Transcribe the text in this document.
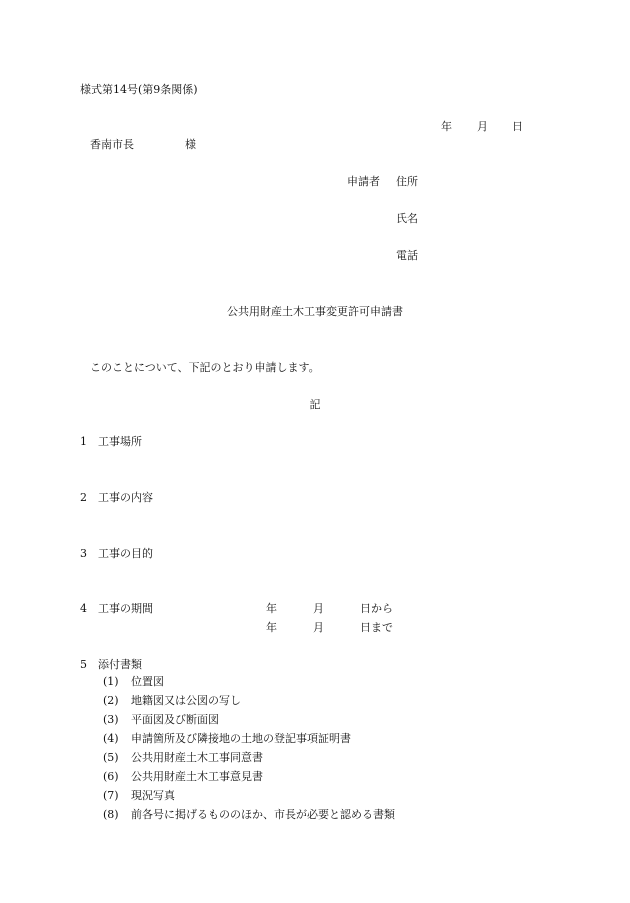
様式第14号(第9条関係)
年 月 日
香南市長	様
申請者 住所
氏名
電話
公共用財産土木工事変更許可申請書
このことについて、下記のとおり申請します。
記
1 工事場所
2 工事の内容
3 工事の目的
4 工事の期間	年	月	日から
年	月	日まで
5 添付書類
(1) 位置図
(2) 地籍図又は公図の写し
(3) 平面図及び断面図
(4) 申請箇所及び隣接地の土地の登記事項証明書
(5) 公共用財産土木工事同意書
(6) 公共用財産土木工事意見書
(7) 現況写真
(8) 前各号に掲げるもののほか、市長が必要と認める書類
